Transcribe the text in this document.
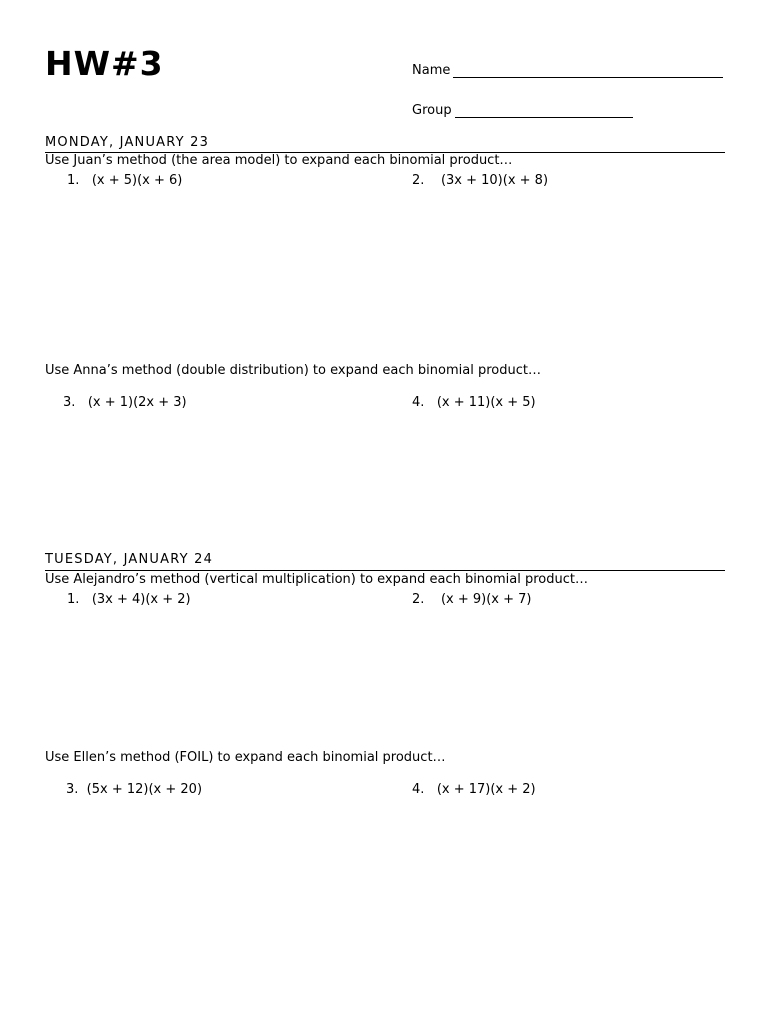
HW#3	Name
Group
MONDAY, JANUARY 23
Use Juan’s method (the area model) to expand each binomial product…
1. (x + 5)(x + 6)	2. (3x + 10)(x + 8)
Use Anna’s method (double distribution) to expand each binomial product…
3. (x + 1)(2x + 3)	4. (x + 11)(x + 5)
TUESDAY, JANUARY 24
Use Alejandro’s method (vertical multiplication) to expand each binomial product…
1. (3x + 4)(x + 2)	2. (x + 9)(x + 7)
Use Ellen’s method (FOIL) to expand each binomial product…
3. (5x + 12)(x + 20)	4. (x + 17)(x + 2)
